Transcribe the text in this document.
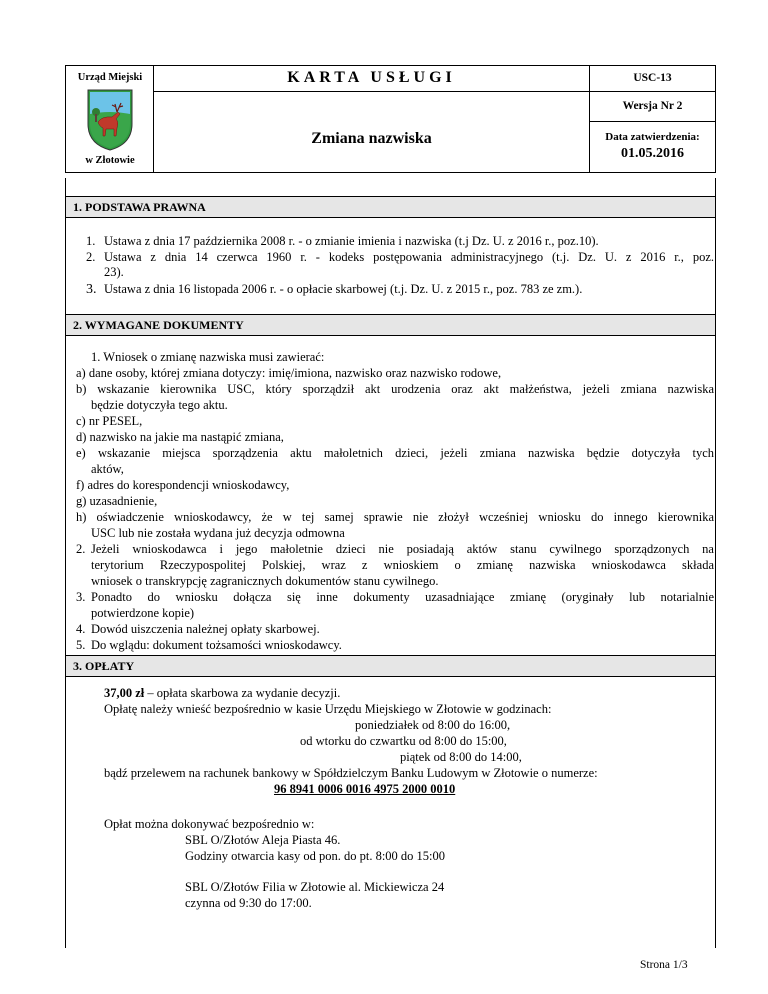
Urząd Miejski
w Złotowie
KARTA USŁUGI	USC-13
Zmiana nazwiska
Wersja Nr 2
Data zatwierdzenia:
01.05.2016
1. PODSTAWA PRAWNA
1. Ustawa z dnia 17 października 2008 r. - o zmianie imienia i nazwiska (t.j Dz. U. z 2016 r., poz.10).
2. Ustawa z dnia 14 czerwca 1960 r. - kodeks postępowania administracyjnego (t.j. Dz. U. z 2016 r., poz.
23).
3. Ustawa z dnia 16 listopada 2006 r. - o opłacie skarbowej (t.j. Dz. U. z 2015 r., poz. 783 ze zm.).
2. WYMAGANE DOKUMENTY
1. Wniosek o zmianę nazwiska musi zawierać:
a) dane osoby, której zmiana dotyczy: imię/imiona, nazwisko oraz nazwisko rodowe,
b) wskazanie kierownika USC, który sporządził akt urodzenia oraz akt małżeństwa, jeżeli zmiana nazwiska
będzie dotyczyła tego aktu.
c) nr PESEL,
d) nazwisko na jakie ma nastąpić zmiana,
e) wskazanie miejsca sporządzenia aktu małoletnich dzieci, jeżeli zmiana nazwiska będzie dotyczyła tych
aktów,
f) adres do korespondencji wnioskodawcy,
g) uzasadnienie,
h) oświadczenie wnioskodawcy, że w tej samej sprawie nie złożył wcześniej wniosku do innego kierownika
USC lub nie została wydana już decyzja odmowna
2. Jeżeli wnioskodawca i jego małoletnie dzieci nie posiadają aktów stanu cywilnego sporządzonych na
terytorium Rzeczypospolitej Polskiej, wraz z wnioskiem o zmianę nazwiska wnioskodawca składa
wniosek o transkrypcję zagranicznych dokumentów stanu cywilnego.
3. Ponadto do wniosku dołącza się inne dokumenty uzasadniające zmianę (oryginały lub notarialnie
potwierdzone kopie)
4. Dowód uiszczenia należnej opłaty skarbowej.
5. Do wglądu: dokument tożsamości wnioskodawcy.
3. OPŁATY
37,00 zł – opłata skarbowa za wydanie decyzji.
Opłatę należy wnieść bezpośrednio w kasie Urzędu Miejskiego w Złotowie w godzinach:
poniedziałek od 8:00 do 16:00,
od wtorku do czwartku od 8:00 do 15:00,
piątek od 8:00 do 14:00,
bądź przelewem na rachunek bankowy w Spółdzielczym Banku Ludowym w Złotowie o numerze:
96 8941 0006 0016 4975 2000 0010
Opłat można dokonywać bezpośrednio w:
SBL O/Złotów Aleja Piasta 46.
Godziny otwarcia kasy od pon. do pt. 8:00 do 15:00
SBL O/Złotów Filia w Złotowie al. Mickiewicza 24
czynna od 9:30 do 17:00.
Strona 1/3
